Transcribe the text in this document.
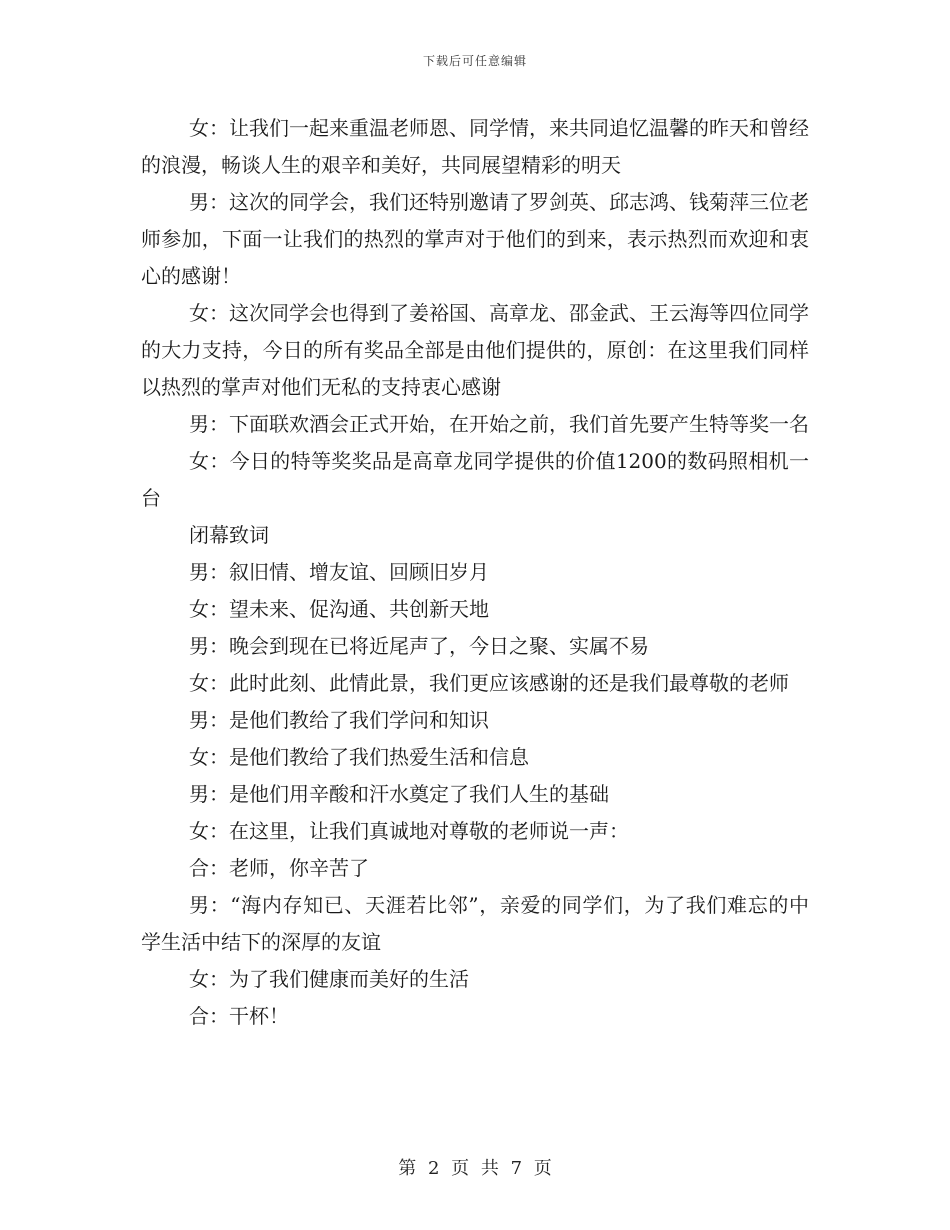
下载后可任意编辑

女：让我们一起来重温老师恩、同学情，来共同追忆温馨的昨天和曾经的浪漫，畅谈人生的艰辛和美好，共同展望精彩的明天

男：这次的同学会，我们还特别邀请了罗剑英、邱志鸿、钱菊萍三位老师参加，下面一让我们的热烈的掌声对于他们的到来，表示热烈而欢迎和衷心的感谢！

女：这次同学会也得到了姜裕国、高章龙、邵金武、王云海等四位同学的大力支持，今日的所有奖品全部是由他们提供的，原创：在这里我们同样以热烈的掌声对他们无私的支持衷心感谢

男：下面联欢酒会正式开始，在开始之前，我们首先要产生特等奖一名

女：今日的特等奖奖品是高章龙同学提供的价值1200的数码照相机一台

闭幕致词

男：叙旧情、增友谊、回顾旧岁月

女：望未来、促沟通、共创新天地

男：晚会到现在已将近尾声了，今日之聚、实属不易

女：此时此刻、此情此景，我们更应该感谢的还是我们最尊敬的老师

男：是他们教给了我们学问和知识

女：是他们教给了我们热爱生活和信息

男：是他们用辛酸和汗水奠定了我们人生的基础

女：在这里，让我们真诚地对尊敬的老师说一声：

合：老师，你辛苦了

男：“海内存知已、天涯若比邻”，亲爱的同学们，为了我们难忘的中学生活中结下的深厚的友谊

女：为了我们健康而美好的生活

合：干杯！

第 2 页 共 7 页
